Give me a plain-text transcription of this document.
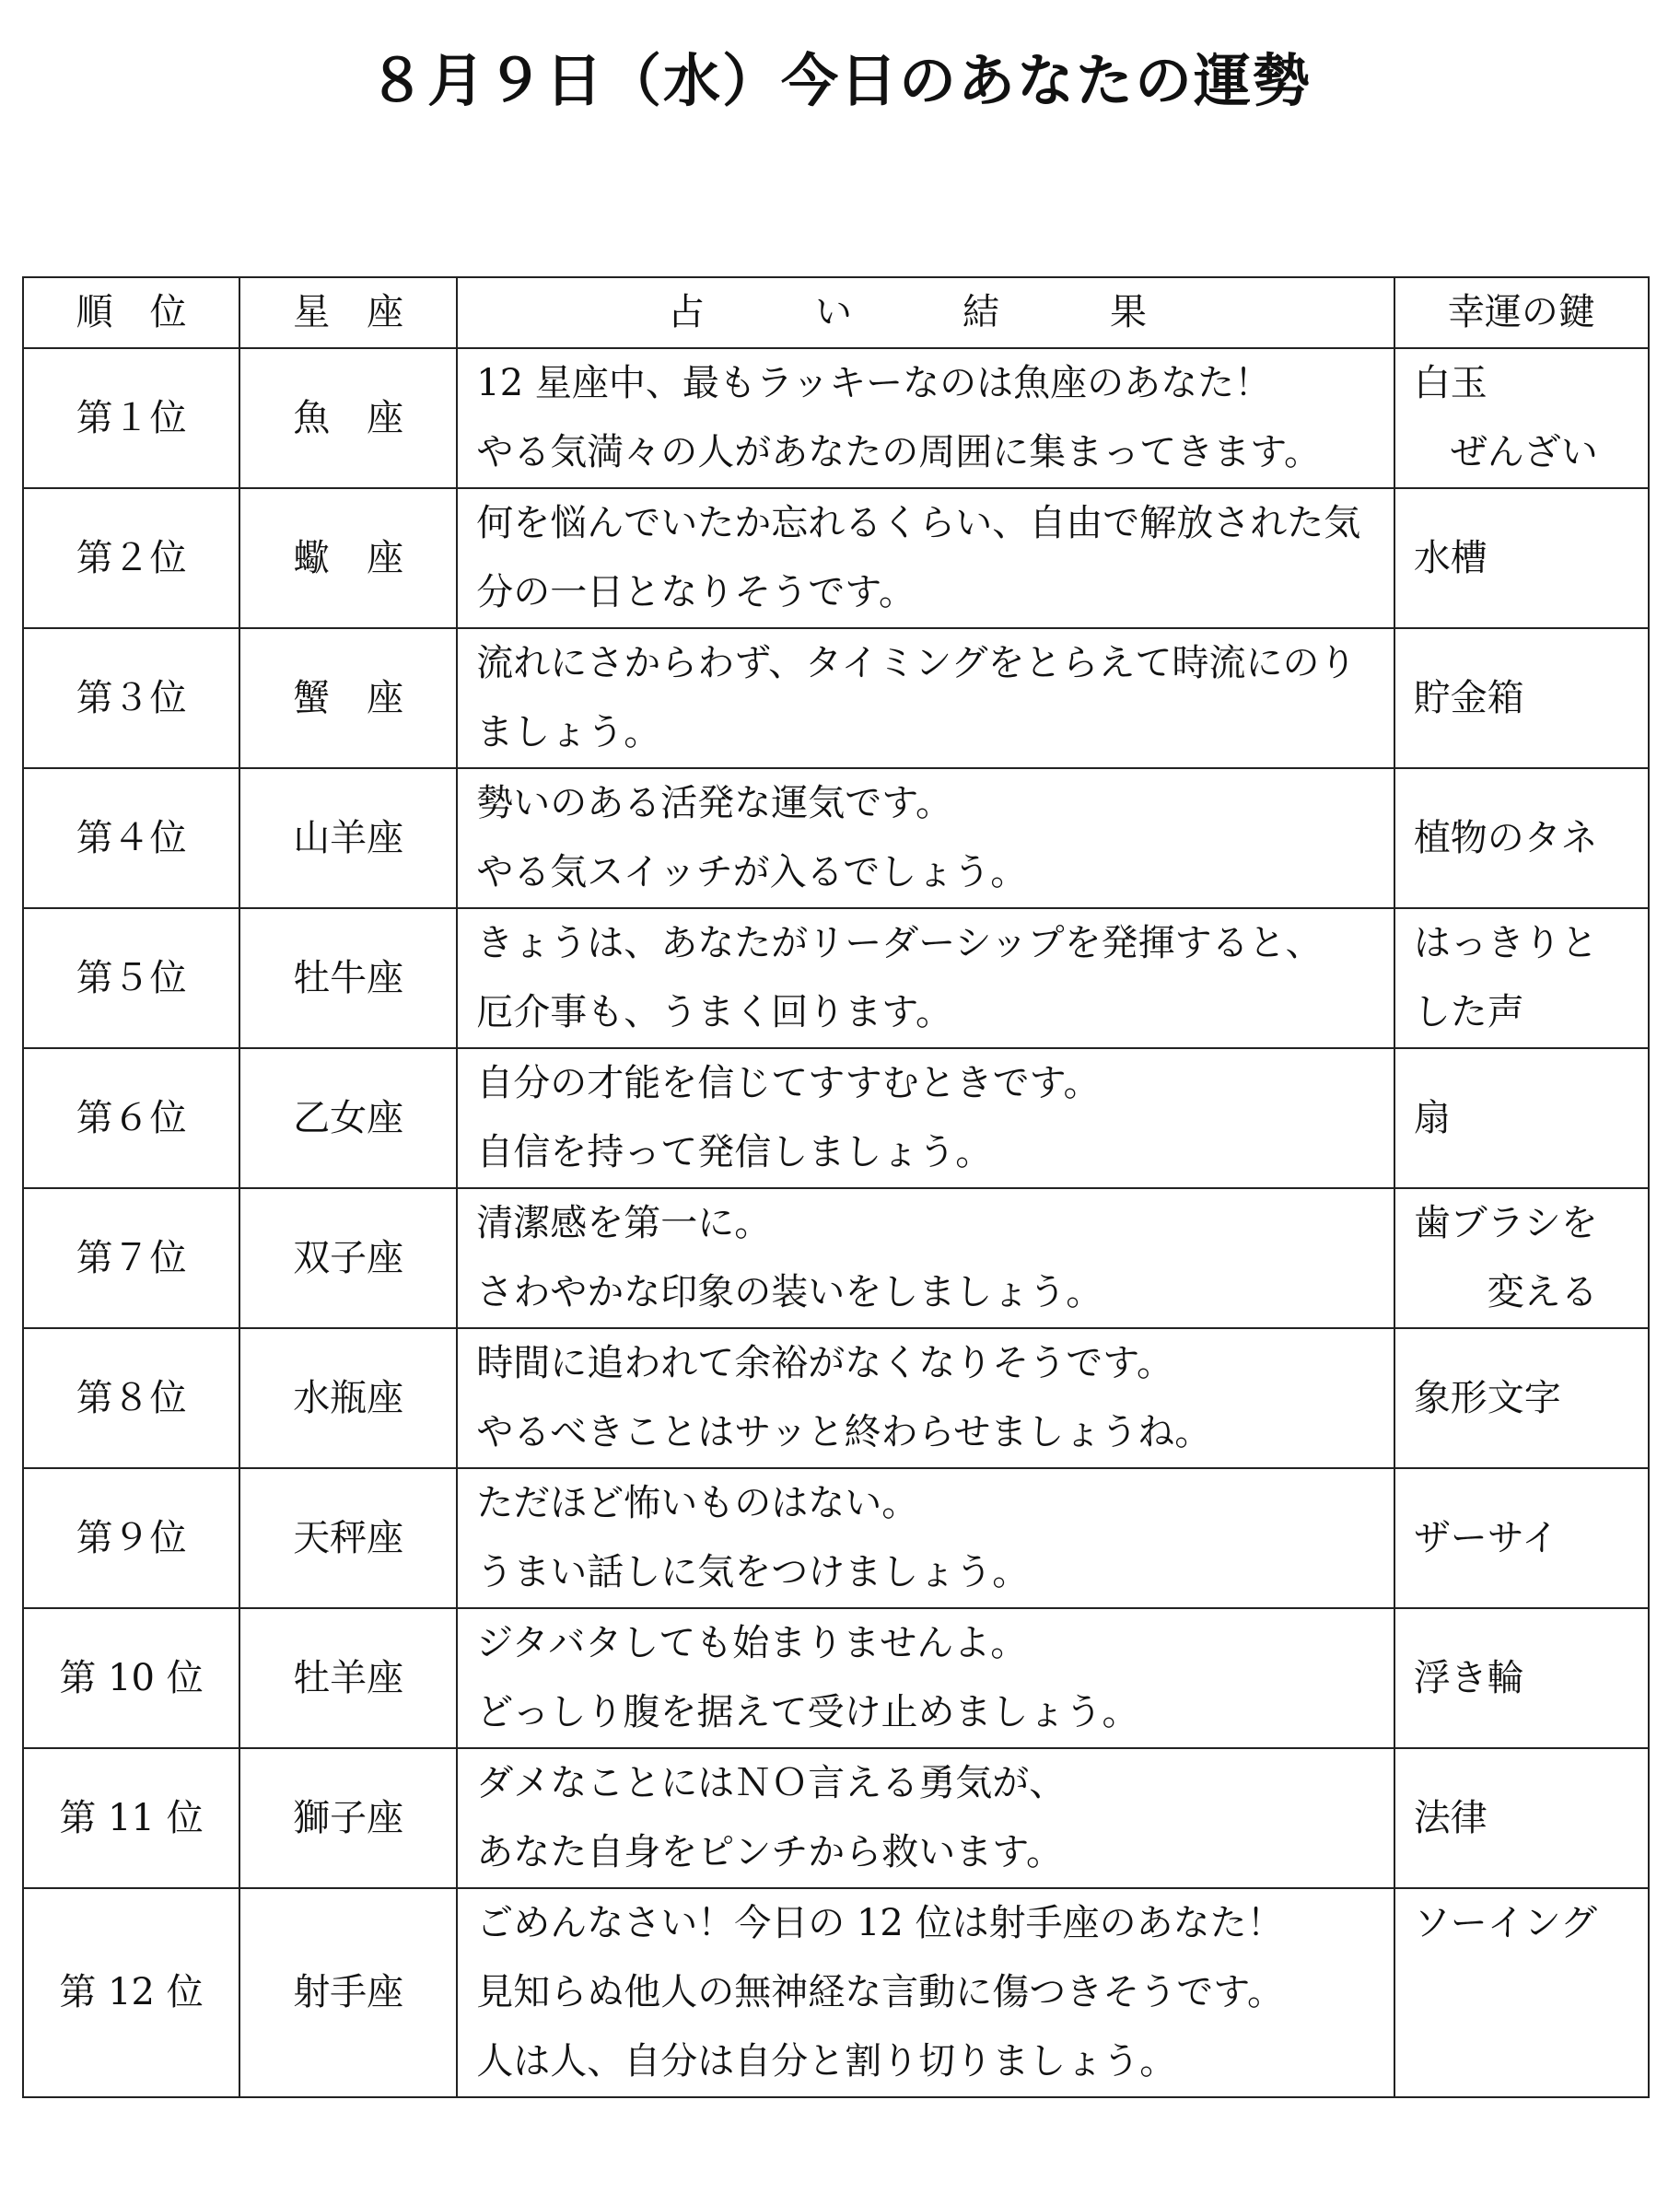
８月９日（水）今日のあなたの運勢
順　位	星　座	占　い　結　果	幸運の鍵
第１位	魚　座	12 星座中、最もラッキーなのは魚座のあなた！
やる気満々の人があなたの周囲に集まってきます。	白玉
　ぜんざい

第２位	蠍　座	何を悩んでいたか忘れるくらい、自由で解放された気分の一日となりそうです。	水槽

第３位	蟹　座	流れにさからわず、タイミングをとらえて時流にのりましょう。	貯金箱

第４位	山羊座	勢いのある活発な運気です。
やる気スイッチが入るでしょう。	植物のタネ

第５位	牡牛座	きょうは、あなたがリーダーシップを発揮すると、
厄介事も、うまく回ります。	はっきりと
した声

第６位	乙女座	自分の才能を信じてすすむときです。
自信を持って発信しましょう。	扇

第７位	双子座	清潔感を第一に。
さわやかな印象の装いをしましょう。	歯ブラシを
　　変える

第８位	水瓶座	時間に追われて余裕がなくなりそうです。
やるべきことはサッと終わらせましょうね。	象形文字

第９位	天秤座	ただほど怖いものはない。
うまい話しに気をつけましょう。	ザーサイ

第 10 位	牡羊座	ジタバタしても始まりませんよ。
どっしり腹を据えて受け止めましょう。	浮き輪

第 11 位	獅子座	ダメなことにはＮＯ言える勇気が、
あなた自身をピンチから救います。	法律

第 12 位	射手座	ごめんなさい！今日の 12 位は射手座のあなた！
見知らぬ他人の無神経な言動に傷つきそうです。
人は人、自分は自分と割り切りましょう。	ソーイング
